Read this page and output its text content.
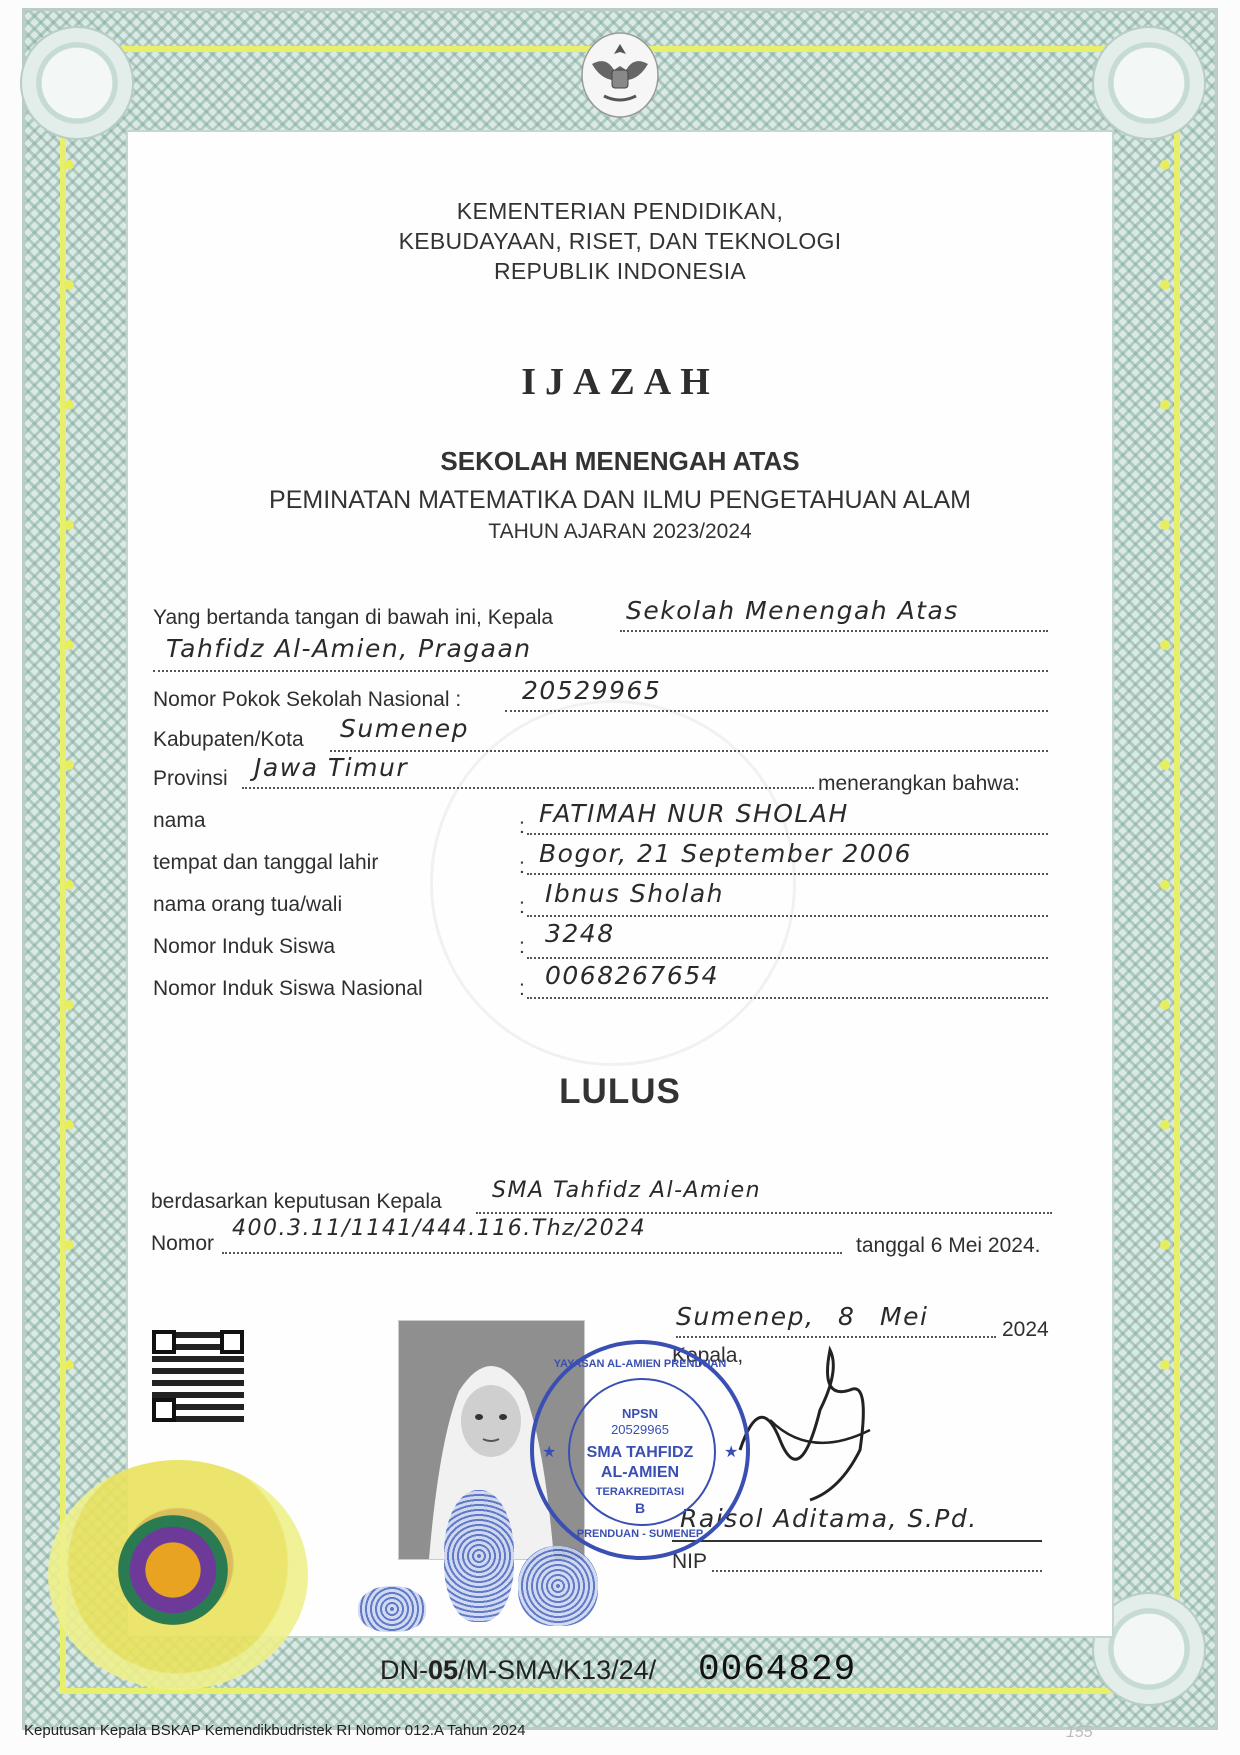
KEMENTERIAN PENDIDIKAN,
KEBUDAYAAN, RISET, DAN TEKNOLOGI
REPUBLIK INDONESIA
IJAZAH
SEKOLAH MENENGAH ATAS
PEMINATAN MATEMATIKA DAN ILMU PENGETAHUAN ALAM
TAHUN AJARAN 2023/2024
Yang bertanda tangan di bawah ini, Kepala	Sekolah Menengah Atas
Tahfidz Al-Amien, Pragaan
Nomor Pokok Sekolah Nasional : 20529965
Kabupaten/Kota Sumenep
Provinsi Jawa Timur
menerangkan bahwa:
nama	: FATIMAH NUR SHOLAH
tempat dan tanggal lahir	: Bogor, 21 September 2006
nama orang tua/wali	: Ibnus Sholah
Nomor Induk Siswa	: 3248
Nomor Induk Siswa Nasional	: 0068267654
LULUS
berdasarkan keputusan Kepala SMA Tahfidz Al-Amien
Nomor
400.3.11/1141/444.116.Thz/2024
tanggal 6 Mei 2024.
Sumenep, 8 Mei	2024
Kepala,
Raisol Aditama, S.Pd.
NIP
YAYASAN AL-AMIEN PRENDUAN
NPSN
20529965
SMA TAHFIDZ
AL-AMIEN
TERAKREDITASI
B
PRENDUAN - SUMENEP
★	★
DN-05/M-SMA/K13/24/ 0064829
Keputusan Kepala BSKAP Kemendikbudristek RI Nomor 012.A Tahun 2024	155
